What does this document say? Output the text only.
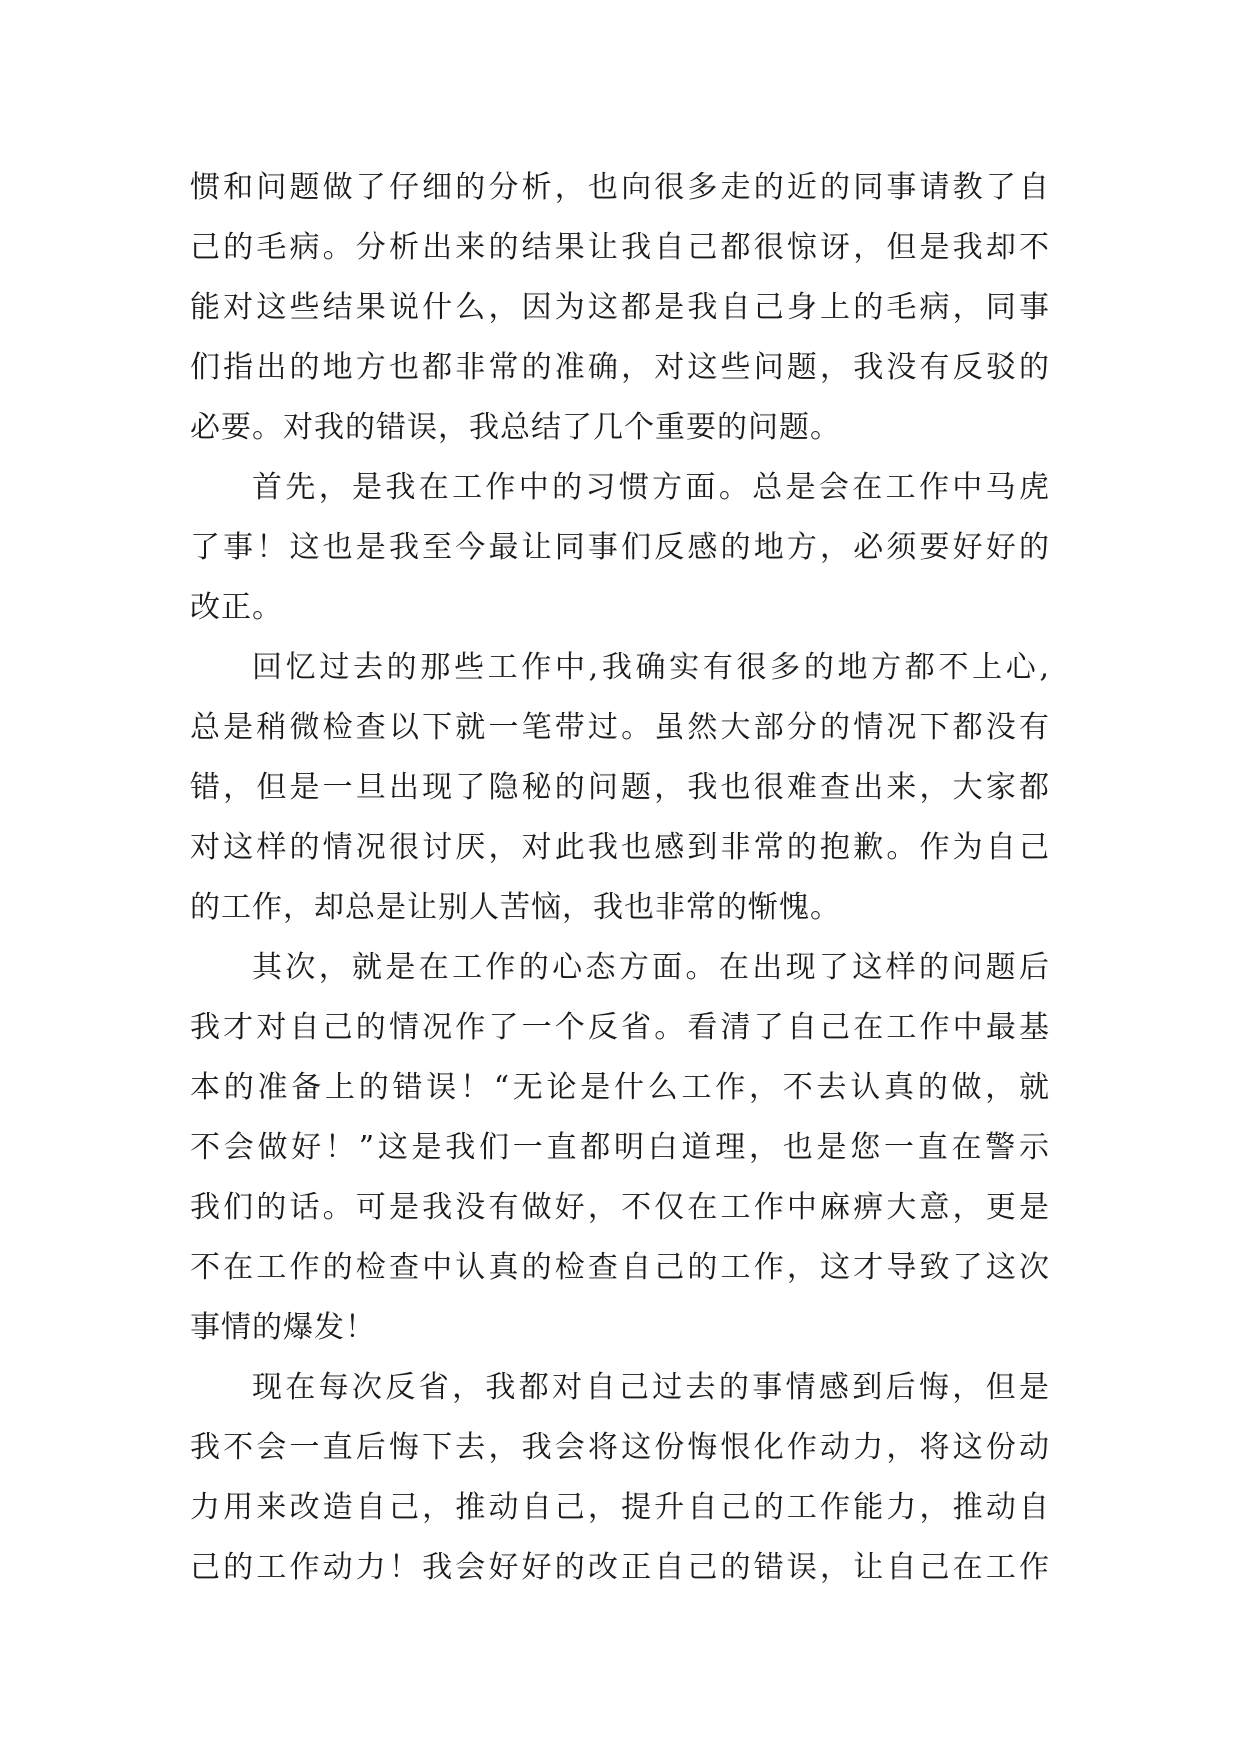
惯和问题做了仔细的分析，也向很多走的近的同事请教了自
己的毛病。分析出来的结果让我自己都很惊讶，但是我却不
能对这些结果说什么，因为这都是我自己身上的毛病，同事
们指出的地方也都非常的准确，对这些问题，我没有反驳的
必要。对我的错误，我总结了几个重要的问题。
首先，是我在工作中的习惯方面。总是会在工作中马虎
了事！这也是我至今最让同事们反感的地方，必须要好好的
改正。
回忆过去的那些工作中,我确实有很多的地方都不上心,
总是稍微检查以下就一笔带过。虽然大部分的情况下都没有
错，但是一旦出现了隐秘的问题，我也很难查出来，大家都
对这样的情况很讨厌，对此我也感到非常的抱歉。作为自己
的工作，却总是让别人苦恼，我也非常的惭愧。
其次，就是在工作的心态方面。在出现了这样的问题后
我才对自己的情况作了一个反省。看清了自己在工作中最基
本的准备上的错误！“无论是什么工作，不去认真的做，就
不会做好！”这是我们一直都明白道理，也是您一直在警示
我们的话。可是我没有做好，不仅在工作中麻痹大意，更是
不在工作的检查中认真的检查自己的工作，这才导致了这次
事情的爆发！
现在每次反省，我都对自己过去的事情感到后悔，但是
我不会一直后悔下去，我会将这份悔恨化作动力，将这份动
力用来改造自己，推动自己，提升自己的工作能力，推动自
己的工作动力！我会好好的改正自己的错误，让自己在工作
